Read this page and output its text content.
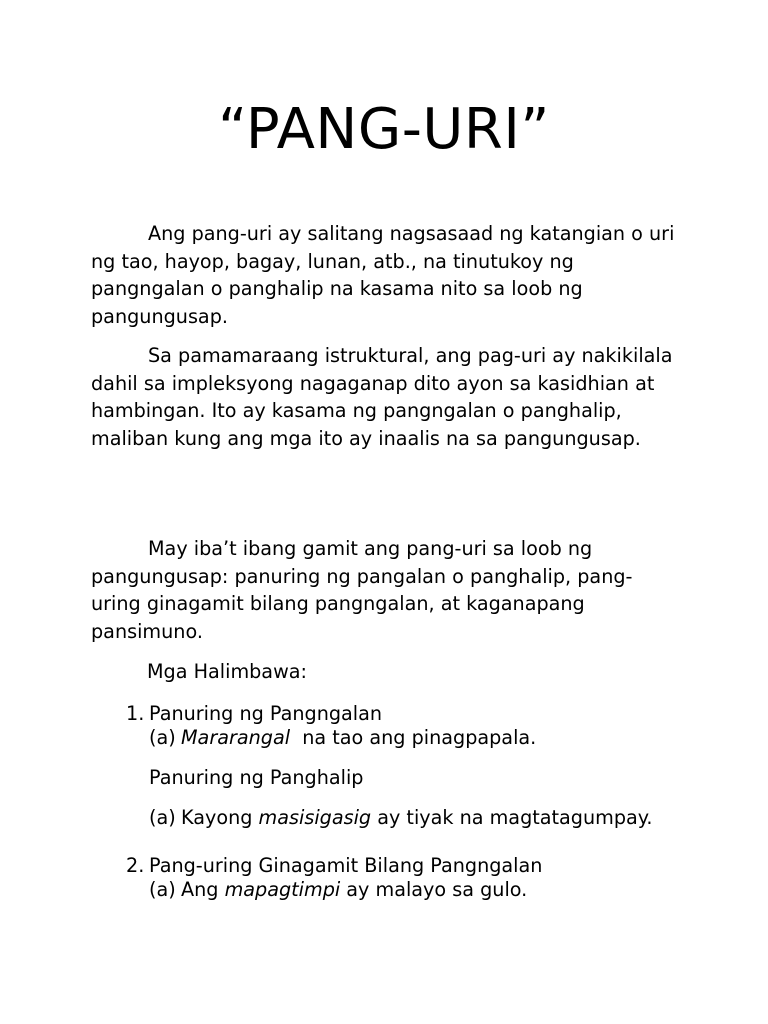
“PANG-URI”

Ang pang-uri ay salitang nagsasaad ng katangian o uri ng tao, hayop, bagay, lunan, atb., na tinutukoy ng pangngalan o panghalip na kasama nito sa loob ng pangungusap.

Sa pamamaraang istruktural, ang pag-uri ay nakikilala dahil sa impleksyong nagaganap dito ayon sa kasidhian at hambingan. Ito ay kasama ng pangngalan o panghalip, maliban kung ang mga ito ay inaalis na sa pangungusap.

May iba’t ibang gamit ang pang-uri sa loob ng pangungusap: panuring ng pangalan o panghalip, pang-uring ginagamit bilang pangngalan, at kaganapang pansimuno.

Mga Halimbawa:
1. Panuring ng Pangngalan
(a) Mararangal  na tao ang pinagpapala.
Panuring ng Panghalip
(a) Kayong masisigasig ay tiyak na magtatagumpay.
2. Pang-uring Ginagamit Bilang Pangngalan
(a) Ang mapagtimpi ay malayo sa gulo.
